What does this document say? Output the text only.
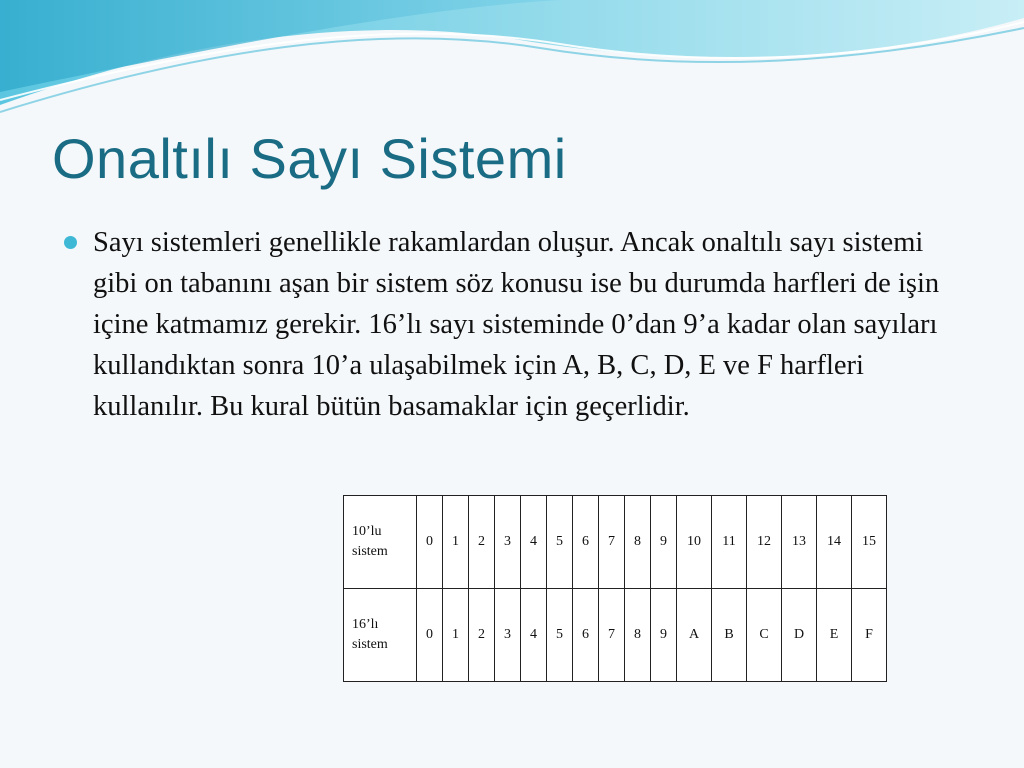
Onaltılı Sayı Sistemi
Sayı sistemleri genellikle rakamlardan oluşur. Ancak onaltılı sayı sistemi gibi on tabanını aşan bir sistem söz konusu ise bu durumda harfleri de işin içine katmamız gerekir. 16’lı sayı sisteminde 0’dan 9’a kadar olan sayıları kullandıktan sonra 10’a ulaşabilmek için A, B, C, D, E ve F harfleri kullanılır. Bu kural bütün basamaklar için geçerlidir.
10’lu
sistem	0	1	2	3	4	5	6	7	8	9	10	11	12	13	14	15

16’lı
sistem	0	1	2	3	4	5	6	7	8	9	A	B	C	D	E	F
